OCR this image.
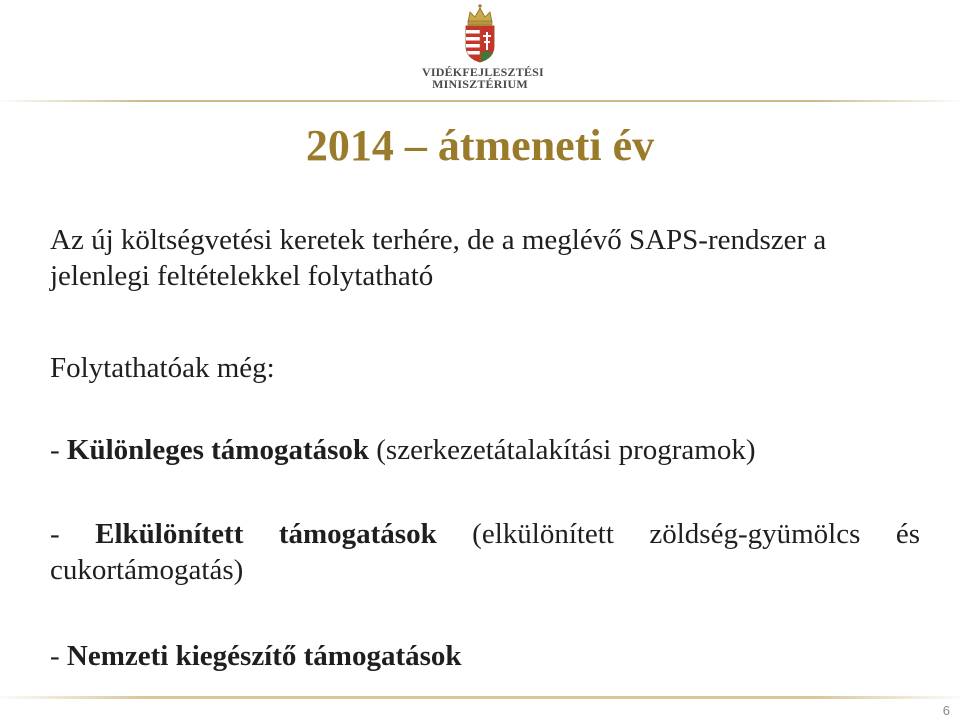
VIDÉKFEJLESZTÉSI
MINISZTÉRIUM
2014 – átmeneti év
Az új költségvetési keretek terhére, de a meglévő SAPS-rendszer a jelenlegi feltételekkel folytatható
Folytathatóak még:
- Különleges támogatások (szerkezetátalakítási programok)
- Elkülönített támogatások (elkülönített zöldség-gyümölcs és cukortámogatás)
- Nemzeti kiegészítő támogatások
6
